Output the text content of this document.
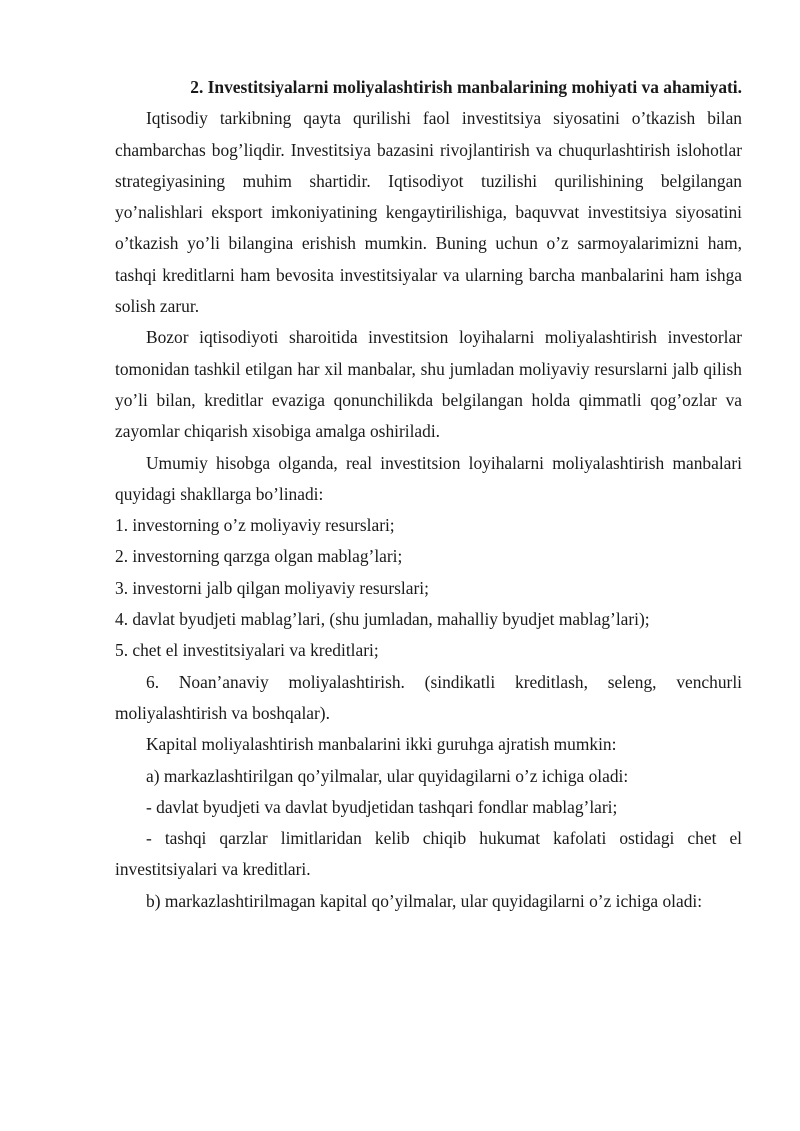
2. Investitsiyalarni moliyalashtirish manbalarining mohiyati va ahamiyati.

Iqtisodiy tarkibning qayta qurilishi faol investitsiya siyosatini o’tkazish bilan chambarchas bog’liqdir. Investitsiya bazasini rivojlantirish va chuqurlashtirish islohotlar strategiyasining muhim shartidir. Iqtisodiyot tuzilishi qurilishining belgilangan yo’nalishlari eksport imkoniyatining kengaytirilishiga, baquvvat investitsiya siyosatini o’tkazish yo’li bilangina erishish mumkin. Buning uchun o’z sarmoyalarimizni ham, tashqi kreditlarni ham bevosita investitsiyalar va ularning barcha manbalarini ham ishga solish zarur.

Bozor iqtisodiyoti sharoitida investitsion loyihalarni moliyalashtirish investorlar tomonidan tashkil etilgan har xil manbalar, shu jumladan moliyaviy resurslarni jalb qilish yo’li bilan, kreditlar evaziga qonunchilikda belgilangan holda qimmatli qog’ozlar va zayomlar chiqarish xisobiga amalga oshiriladi.

Umumiy hisobga olganda, real investitsion loyihalarni moliyalashtirish manbalari quyidagi shakllarga bo’linadi:

1. investorning o’z moliyaviy resurslari;

2. investorning qarzga olgan mablag’lari;

3. investorni jalb qilgan moliyaviy resurslari;

4. davlat byudjeti mablag’lari, (shu jumladan, mahalliy byudjet mablag’lari);

5. chet el investitsiyalari va kreditlari;

6. Noan’anaviy moliyalashtirish. (sindikatli kreditlash, seleng, venchurli moliyalashtirish va boshqalar).

Kapital moliyalashtirish manbalarini ikki guruhga ajratish mumkin:

a) markazlashtirilgan qo’yilmalar, ular quyidagilarni o’z ichiga oladi:

- davlat byudjeti va davlat byudjetidan tashqari fondlar mablag’lari;

- tashqi qarzlar limitlaridan kelib chiqib hukumat kafolati ostidagi chet el investitsiyalari va kreditlari.

b) markazlashtirilmagan kapital qo’yilmalar, ular quyidagilarni o’z ichiga oladi:
